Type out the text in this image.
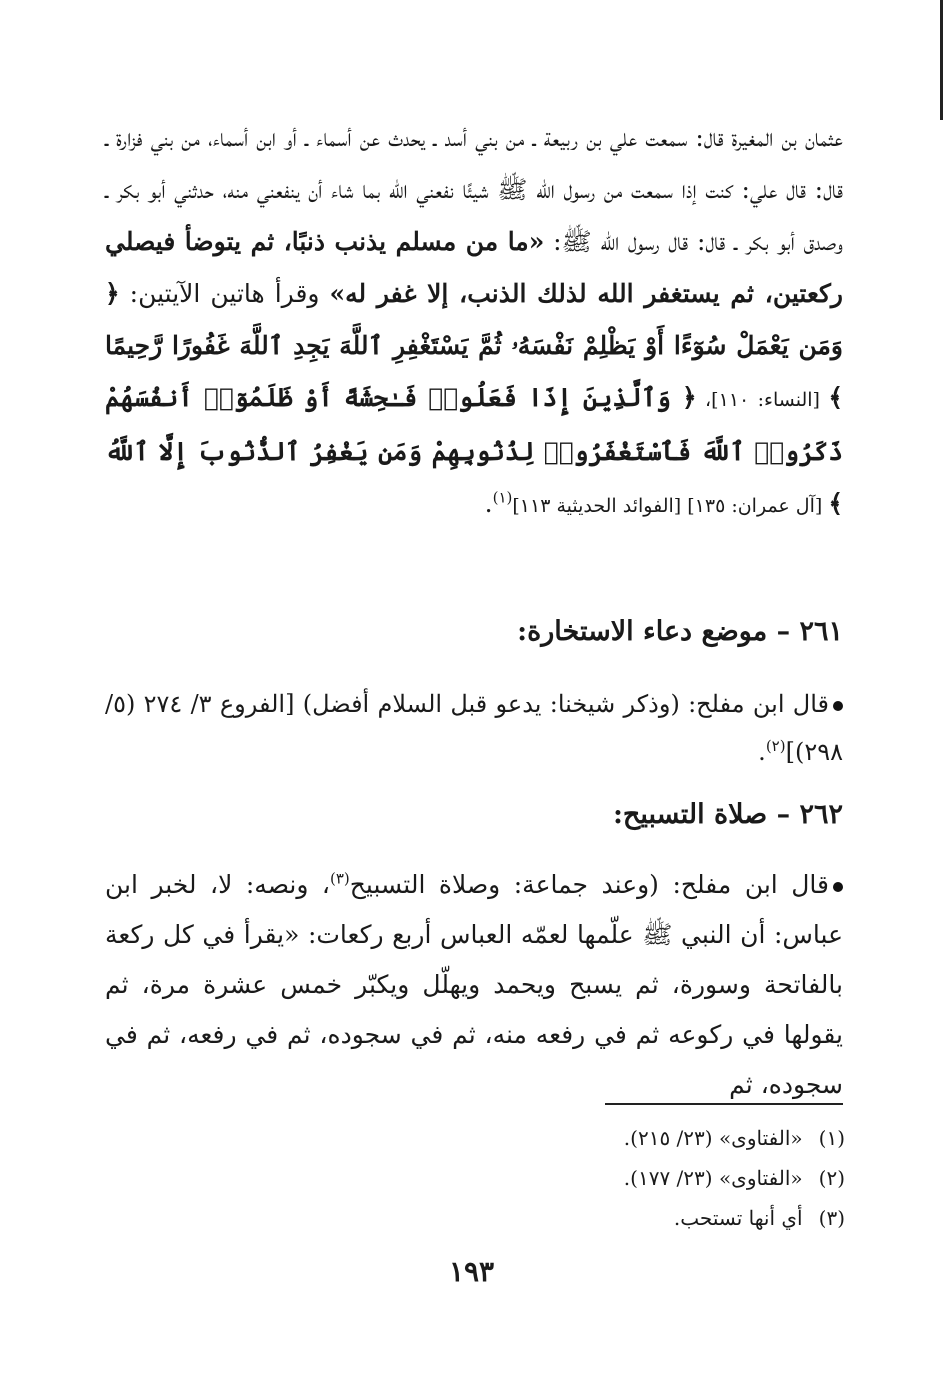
عثمان بن المغيرة قال: سمعت علي بن ربيعة ـ من بني أسد ـ يحدث عن أسماء ـ أو ابن أسماء، من بني فزارة ـ قال: قال علي: كنت إذا سمعت من رسول الله ﷺ شيئًا نفعني الله بما شاء أن ينفعني منه، حدثني أبو بكر ـ وصدق أبو بكر ـ قال: قال رسول الله ﷺ: «ما من مسلم يذنب ذنبًا، ثم يتوضأ فيصلي ركعتين، ثم يستغفر الله لذلك الذنب، إلا غفر له» وقرأ هاتين الآيتين: ﴿ وَمَن يَعْمَلْ سُوٓءًا أَوْ يَظْلِمْ نَفْسَهُۥ ثُمَّ يَسْتَغْفِرِ ٱللَّهَ يَجِدِ ٱللَّهَ غَفُورًا رَّحِيمًا ﴾ [النساء: ١١٠]، ﴿ وَٱلَّذِينَ إِذَا فَعَلُوا۟ فَـٰحِشَةً أَوْ ظَلَمُوٓا۟ أَنفُسَهُمْ ذَكَرُوا۟ ٱللَّهَ فَٱسْتَغْفَرُوا۟ لِذُنُوبِهِمْ وَمَن يَغْفِرُ ٱلذُّنُوبَ إِلَّا ٱللَّهُ ﴾ [آل عمران: ١٣٥] [الفوائد الحديثية ١١٣]$^{(١)}$.

٢٦١ – موضع دعاء الاستخارة:

قال ابن مفلح: (وذكر شيخنا: يدعو قبل السلام أفضل) [الفروع ٣/ ٢٧٤ (٥/ ٢٩٨)]$^{(٢)}$.

٢٦٢ – صلاة التسبيح:

قال ابن مفلح: (وعند جماعة: وصلاة التسبيح$^{(٣)}$، ونصه: لا، لخبر ابن عباس: أن النبي ﷺ علّمها لعمّه العباس أربع ركعات: «يقرأ في كل ركعة بالفاتحة وسورة، ثم يسبح ويحمد ويهلّل ويكبّر خمس عشرة مرة، ثم يقولها في ركوعه ثم في رفعه منه، ثم في سجوده، ثم في رفعه، ثم في سجوده، ثم

(١)«الفتاوى» (٢٣/ ٢١٥).
(٢)«الفتاوى» (٢٣/ ١٧٧).
(٣)أي أنها تستحب.
١٩٣
